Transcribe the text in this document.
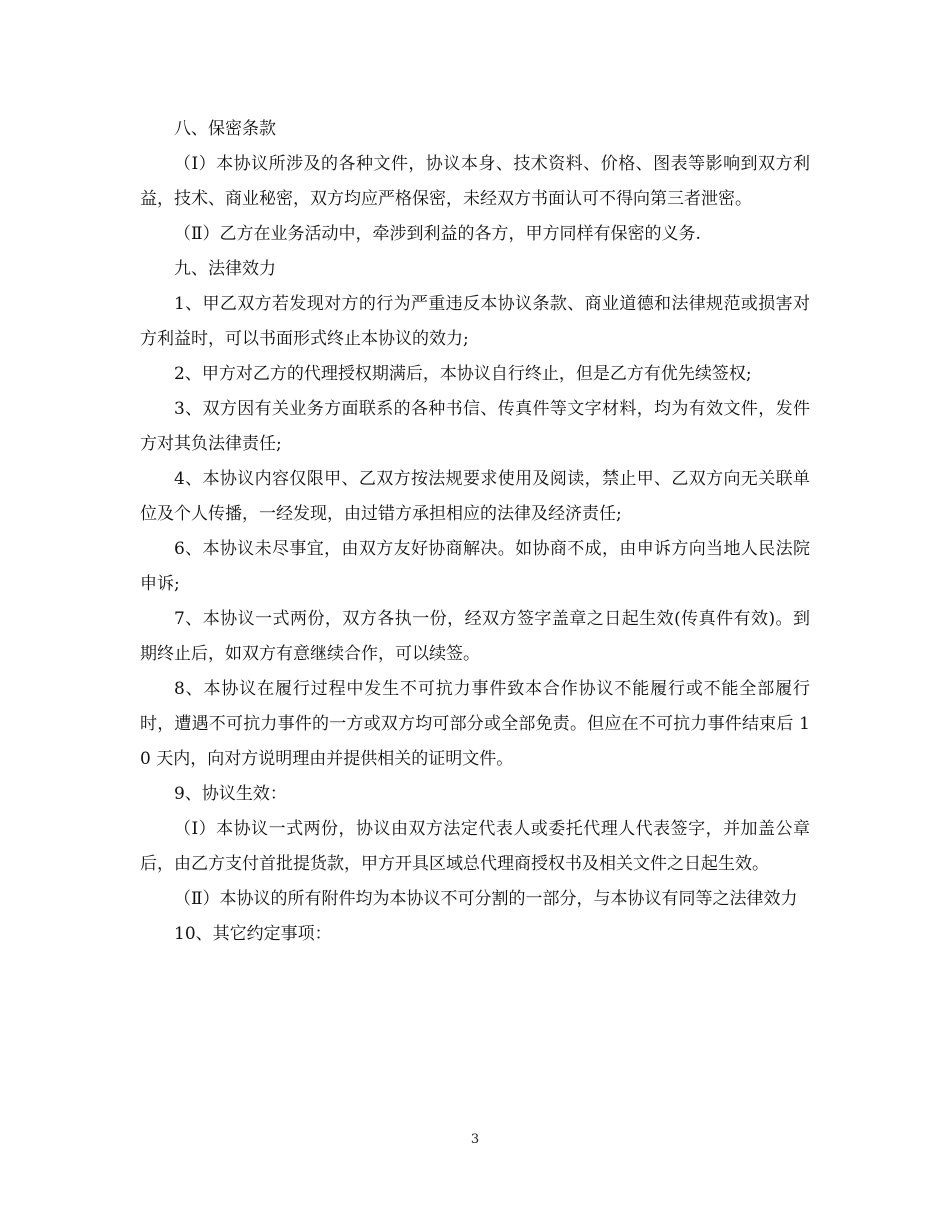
八、保密条款

（Ⅰ）本协议所涉及的各种文件，协议本身、技术资料、价格、图表等影响到双方利 益，技术、商业秘密，双方均应严格保密，未经双方书面认可不得向第三者泄密。

（Ⅱ）乙方在业务活动中，牵涉到利益的各方，甲方同样有保密的义务.

九、法律效力

1、甲乙双方若发现对方的行为严重违反本协议条款、商业道德和法律规范或损害对方利益时，可以书面形式终止本协议的效力;

2、甲方对乙方的代理授权期满后，本协议自行终止，但是乙方有优先续签权;

3、双方因有关业务方面联系的各种书信、传真件等文字材料，均为有效文件，发件方对其负法律责任;

4、本协议内容仅限甲、乙双方按法规要求使用及阅读，禁止甲、乙双方向无关联单位及个人传播，一经发现，由过错方承担相应的法律及经济责任;

6、本协议未尽事宜，由双方友好协商解决。如协商不成，由申诉方向当地人民法院申诉;

7、本协议一式两份，双方各执一份，经双方签字盖章之日起生效(传真件有效)。到期终止后，如双方有意继续合作，可以续签。

8、本协议在履行过程中发生不可抗力事件致本合作协议不能履行或不能全部履行时，遭遇不可抗力事件的一方或双方均可部分或全部免责。但应在不可抗力事件结束后 10 天内，向对方说明理由并提供相关的证明文件。

9、协议生效：

（Ⅰ）本协议一式两份，协议由双方法定代表人或委托代理人代表签字，并加盖公章后，由乙方支付首批提货款，甲方开具区域总代理商授权书及相关文件之日起生效。

（Ⅱ）本协议的所有附件均为本协议不可分割的一部分，与本协议有同等之法律效力

10、其它约定事项：

3
